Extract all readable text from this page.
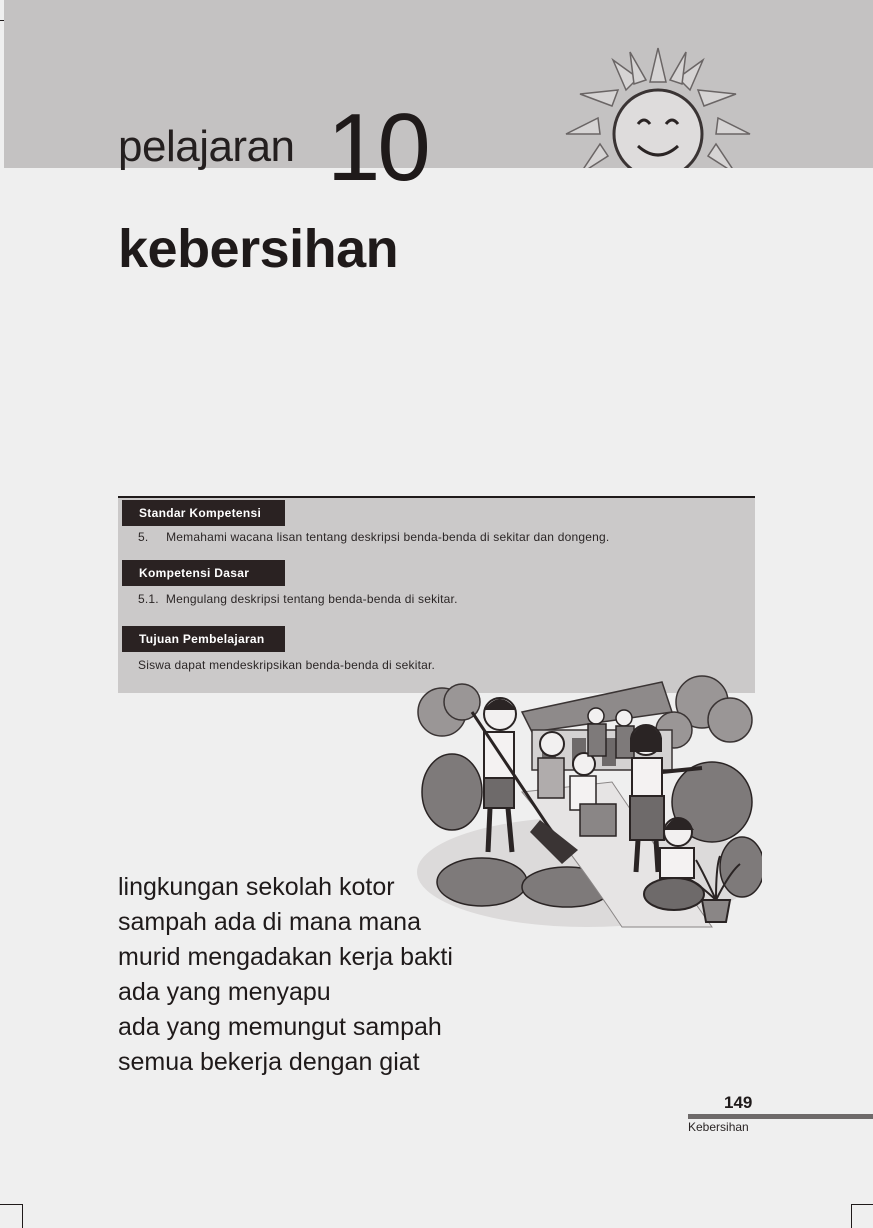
pelajaran 10
kebersihan
Standar Kompetensi
5.     Memahami wacana lisan tentang deskripsi benda-benda di sekitar dan dongeng.
Kompetensi Dasar
5.1.  Mengulang deskripsi tentang benda-benda di sekitar.
Tujuan Pembelajaran
Siswa dapat mendeskripsikan benda-benda di sekitar.
lingkungan sekolah kotor
sampah ada di mana mana
murid mengadakan kerja bakti
ada yang menyapu
ada yang memungut sampah
semua bekerja dengan giat
149
Kebersihan
